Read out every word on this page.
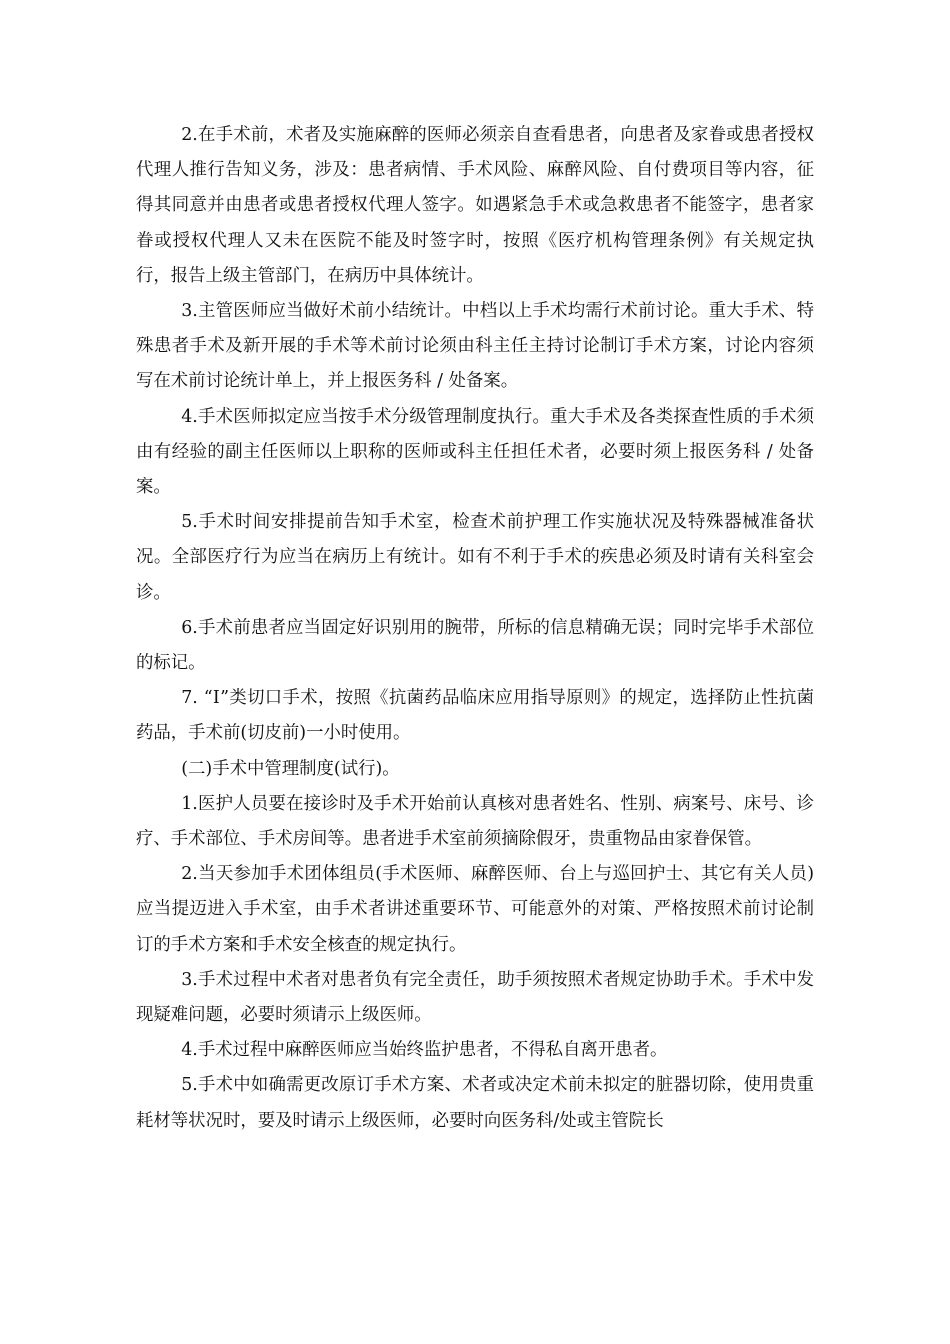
2.在手术前，术者及实施麻醉的医师必须亲自查看患者，向患者及家眷或患者授权代理人推行告知义务，涉及：患者病情、手术风险、麻醉风险、自付费项目等内容，征得其同意并由患者或患者授权代理人签字。如遇紧急手术或急救患者不能签字，患者家眷或授权代理人又未在医院不能及时签字时，按照《医疗机构管理条例》有关规定执行，报告上级主管部门，在病历中具体统计。

3.主管医师应当做好术前小结统计。中档以上手术均需行术前讨论。重大手术、特殊患者手术及新开展的手术等术前讨论须由科主任主持讨论制订手术方案，讨论内容须写在术前讨论统计单上，并上报医务科 / 处备案。

4.手术医师拟定应当按手术分级管理制度执行。重大手术及各类探查性质的手术须由有经验的副主任医师以上职称的医师或科主任担任术者，必要时须上报医务科 / 处备案。

5.手术时间安排提前告知手术室，检查术前护理工作实施状况及特殊器械准备状况。全部医疗行为应当在病历上有统计。如有不利于手术的疾患必须及时请有关科室会诊。

6.手术前患者应当固定好识别用的腕带，所标的信息精确无误；同时完毕手术部位的标记。

7. “Ⅰ”类切口手术，按照《抗菌药品临床应用指导原则》的规定，选择防止性抗菌药品，手术前(切皮前)一小时使用。

(二)手术中管理制度(试行)。

1.医护人员要在接诊时及手术开始前认真核对患者姓名、性别、病案号、床号、诊疗、手术部位、手术房间等。患者进手术室前须摘除假牙，贵重物品由家眷保管。

2.当天参加手术团体组员(手术医师、麻醉医师、台上与巡回护士、其它有关人员)应当提迈进入手术室，由手术者讲述重要环节、可能意外的对策、严格按照术前讨论制订的手术方案和手术安全核查的规定执行。

3.手术过程中术者对患者负有完全责任，助手须按照术者规定协助手术。手术中发现疑难问题，必要时须请示上级医师。

4.手术过程中麻醉医师应当始终监护患者，不得私自离开患者。

5.手术中如确需更改原订手术方案、术者或决定术前未拟定的脏器切除，使用贵重耗材等状况时，要及时请示上级医师，必要时向医务科/处或主管院长
